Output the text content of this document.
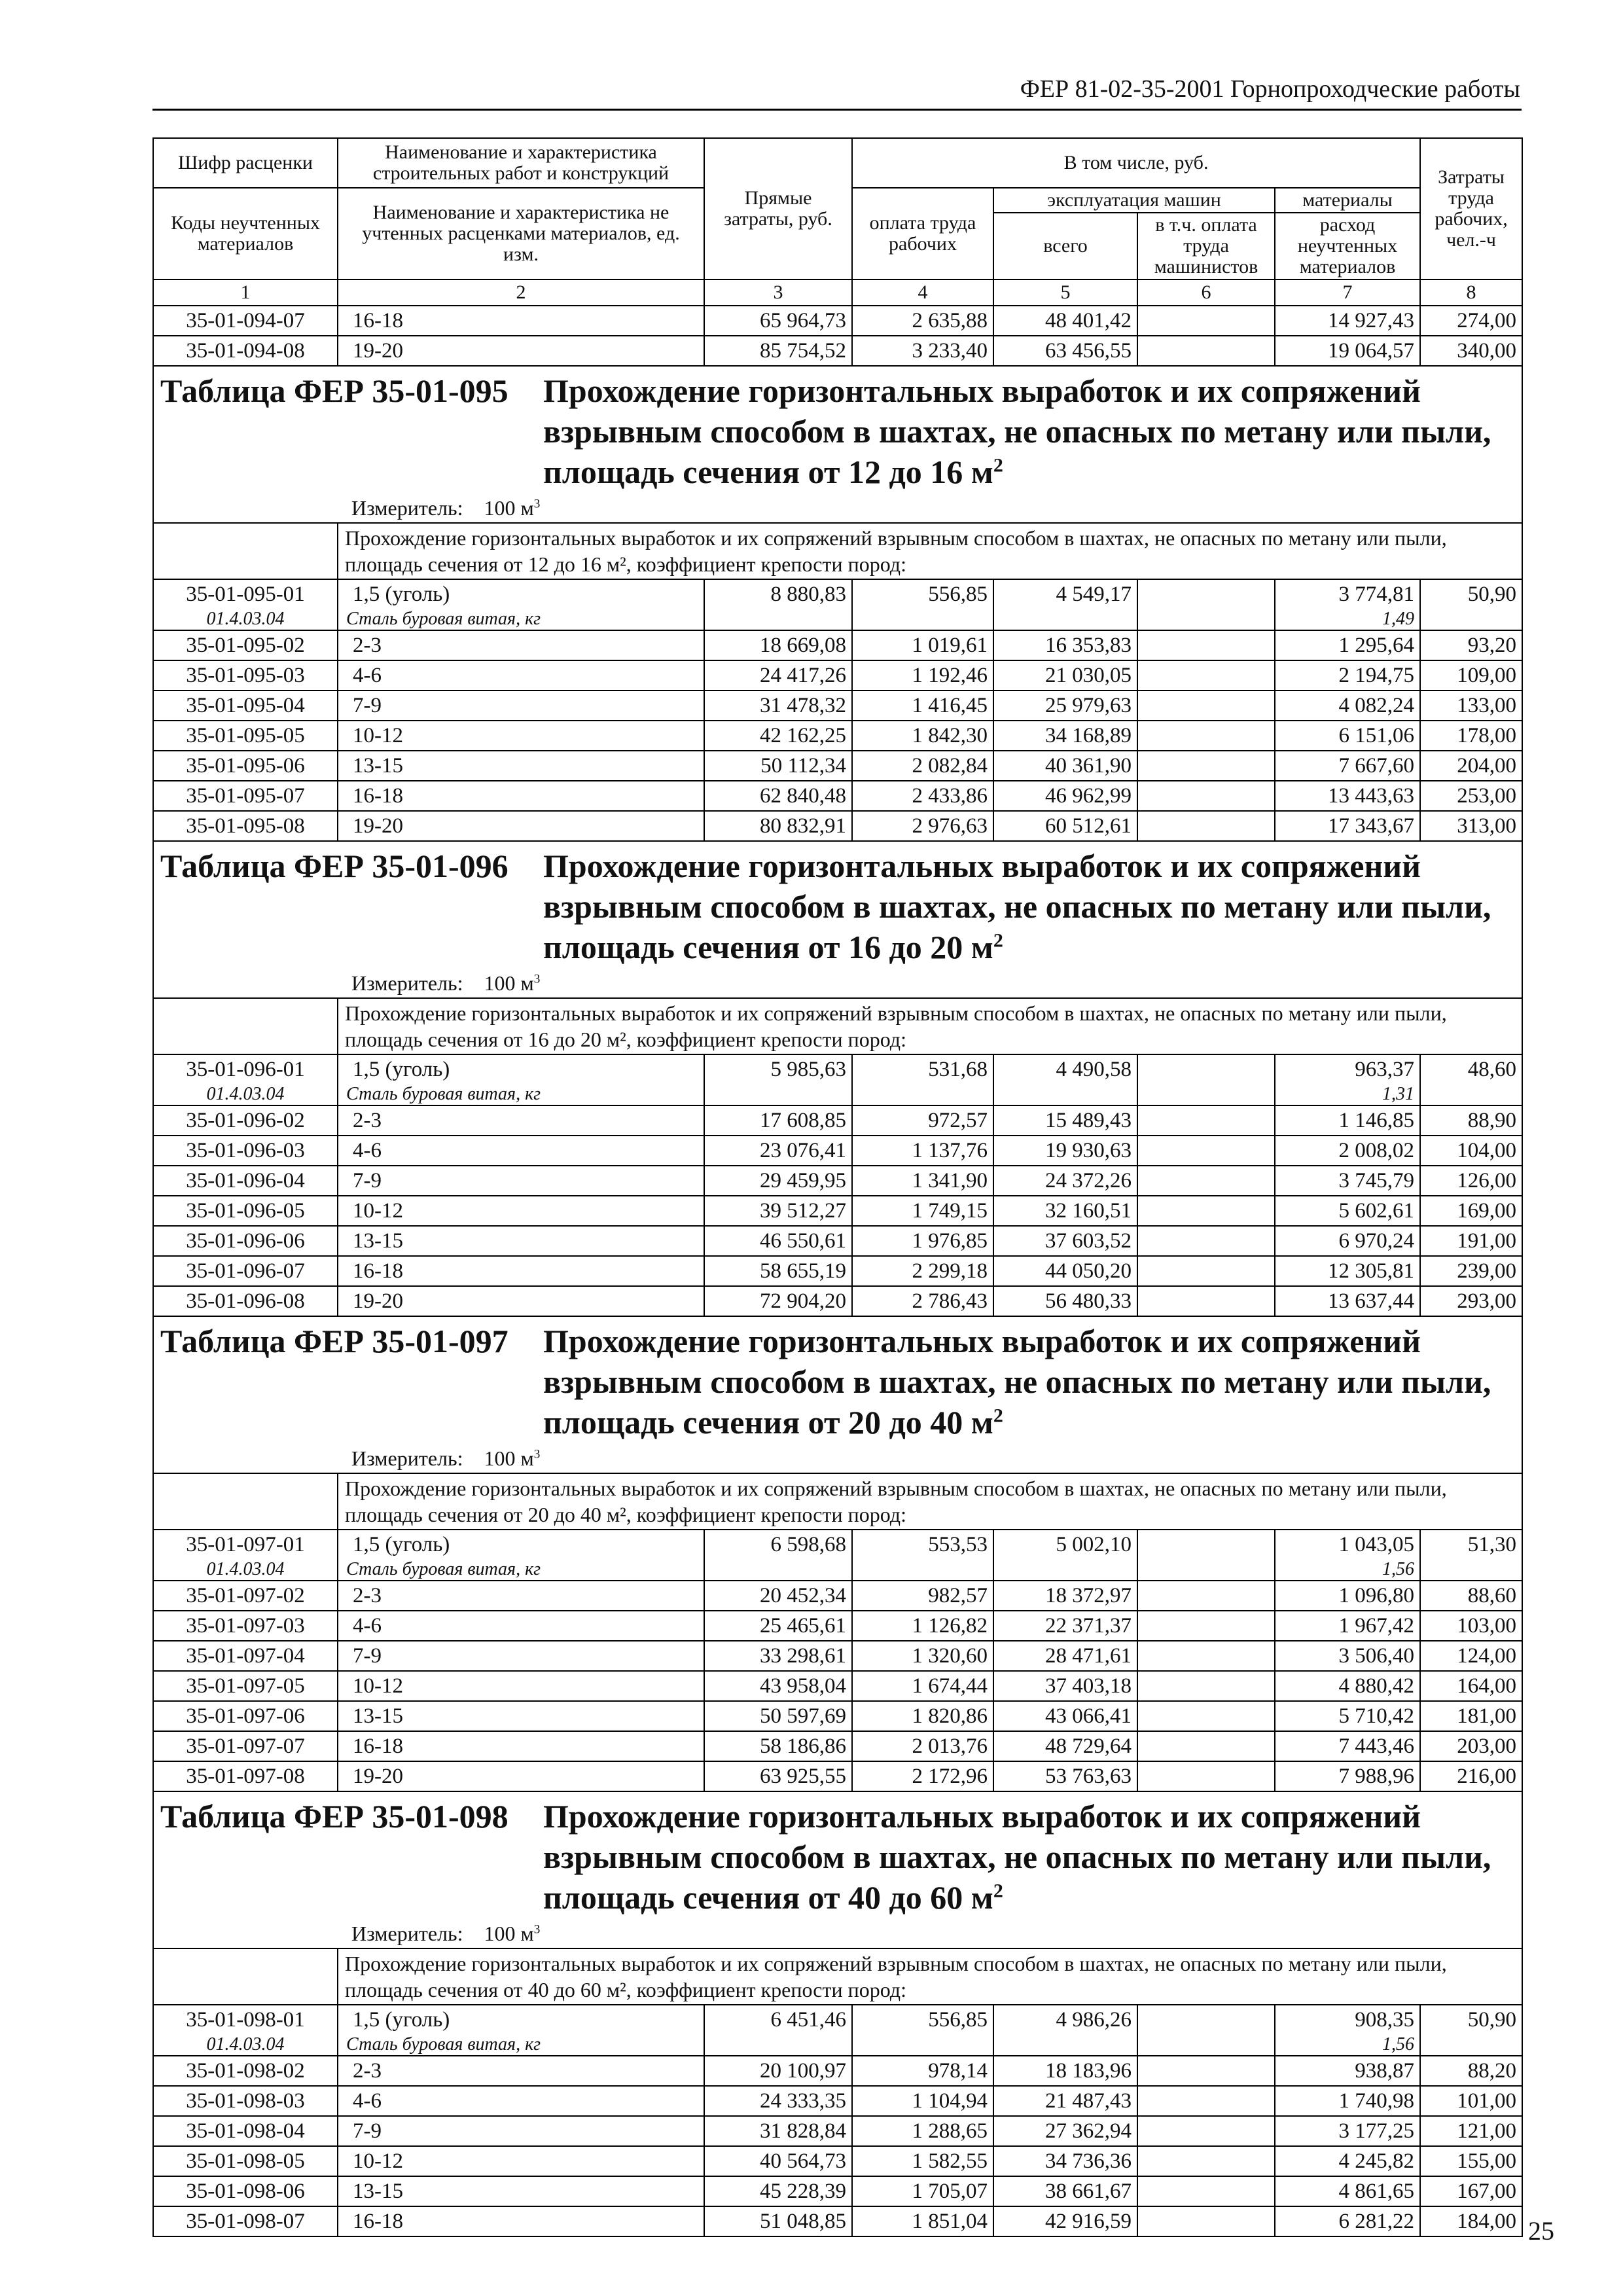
ФЕР 81-02-35-2001 Горнопроходческие работы
Шифр расценки	Наименование и характеристика строительных работ и конструкций	Прямые затраты, руб.	В том числе, руб.				Затраты труда рабочих, чел.-ч
Коды неучтенных материалов	Наименование и характеристика не учтенных расценками материалов, ед. изм.		оплата труда рабочих	эксплуатация машин		материалы	
				всего	в т.ч. оплата труда машинистов	расход неучтенных материалов	
1	2	3	4	5	6	7	8
35-01-094-07	16-18	65 964,73	2 635,88	48 401,42		14 927,43	274,00
35-01-094-08	19-20	85 754,52	3 233,40	63 456,55		19 064,57	340,00
Таблица ФЕР 35-01-095 Прохождение горизонтальных выработок и их сопряжений взрывным способом в шахтах, не опасных по метану или пыли, площадь сечения от 12 до 16 $м^2$
Измеритель: 100 $м^3$
	Прохождение горизонтальных выработок и их сопряжений взрывным способом в шахтах, не опасных по метану или пыли, площадь сечения от 12 до 16 м², коэффициент крепости пород:						
35-01-095-01	1,5 (уголь)	8 880,83	556,85	4 549,17		3 774,81	50,90
01.4.03.04	Сталь буровая витая, кг					1,49	
35-01-095-02	2-3	18 669,08	1 019,61	16 353,83		1 295,64	93,20
35-01-095-03	4-6	24 417,26	1 192,46	21 030,05		2 194,75	109,00
35-01-095-04	7-9	31 478,32	1 416,45	25 979,63		4 082,24	133,00
35-01-095-05	10-12	42 162,25	1 842,30	34 168,89		6 151,06	178,00
35-01-095-06	13-15	50 112,34	2 082,84	40 361,90		7 667,60	204,00
35-01-095-07	16-18	62 840,48	2 433,86	46 962,99		13 443,63	253,00
35-01-095-08	19-20	80 832,91	2 976,63	60 512,61		17 343,67	313,00
Таблица ФЕР 35-01-096 Прохождение горизонтальных выработок и их сопряжений взрывным способом в шахтах, не опасных по метану или пыли, площадь сечения от 16 до 20 $м^2$
Измеритель: 100 $м^3$
	Прохождение горизонтальных выработок и их сопряжений взрывным способом в шахтах, не опасных по метану или пыли, площадь сечения от 16 до 20 м², коэффициент крепости пород:						
35-01-096-01	1,5 (уголь)	5 985,63	531,68	4 490,58		963,37	48,60
01.4.03.04	Сталь буровая витая, кг					1,31	
35-01-096-02	2-3	17 608,85	972,57	15 489,43		1 146,85	88,90
35-01-096-03	4-6	23 076,41	1 137,76	19 930,63		2 008,02	104,00
35-01-096-04	7-9	29 459,95	1 341,90	24 372,26		3 745,79	126,00
35-01-096-05	10-12	39 512,27	1 749,15	32 160,51		5 602,61	169,00
35-01-096-06	13-15	46 550,61	1 976,85	37 603,52		6 970,24	191,00
35-01-096-07	16-18	58 655,19	2 299,18	44 050,20		12 305,81	239,00
35-01-096-08	19-20	72 904,20	2 786,43	56 480,33		13 637,44	293,00
Таблица ФЕР 35-01-097 Прохождение горизонтальных выработок и их сопряжений взрывным способом в шахтах, не опасных по метану или пыли, площадь сечения от 20 до 40 $м^2$
Измеритель: 100 $м^3$
	Прохождение горизонтальных выработок и их сопряжений взрывным способом в шахтах, не опасных по метану или пыли, площадь сечения от 20 до 40 м², коэффициент крепости пород:						
35-01-097-01	1,5 (уголь)	6 598,68	553,53	5 002,10		1 043,05	51,30
01.4.03.04	Сталь буровая витая, кг					1,56	
35-01-097-02	2-3	20 452,34	982,57	18 372,97		1 096,80	88,60
35-01-097-03	4-6	25 465,61	1 126,82	22 371,37		1 967,42	103,00
35-01-097-04	7-9	33 298,61	1 320,60	28 471,61		3 506,40	124,00
35-01-097-05	10-12	43 958,04	1 674,44	37 403,18		4 880,42	164,00
35-01-097-06	13-15	50 597,69	1 820,86	43 066,41		5 710,42	181,00
35-01-097-07	16-18	58 186,86	2 013,76	48 729,64		7 443,46	203,00
35-01-097-08	19-20	63 925,55	2 172,96	53 763,63		7 988,96	216,00
Таблица ФЕР 35-01-098 Прохождение горизонтальных выработок и их сопряжений взрывным способом в шахтах, не опасных по метану или пыли, площадь сечения от 40 до 60 $м^2$
Измеритель: 100 $м^3$
	Прохождение горизонтальных выработок и их сопряжений взрывным способом в шахтах, не опасных по метану или пыли, площадь сечения от 40 до 60 м², коэффициент крепости пород:						
35-01-098-01	1,5 (уголь)	6 451,46	556,85	4 986,26		908,35	50,90
01.4.03.04	Сталь буровая витая, кг					1,56	
35-01-098-02	2-3	20 100,97	978,14	18 183,96		938,87	88,20
35-01-098-03	4-6	24 333,35	1 104,94	21 487,43		1 740,98	101,00
35-01-098-04	7-9	31 828,84	1 288,65	27 362,94		3 177,25	121,00
35-01-098-05	10-12	40 564,73	1 582,55	34 736,36		4 245,82	155,00
35-01-098-06	13-15	45 228,39	1 705,07	38 661,67		4 861,65	167,00
35-01-098-07	16-18	51 048,85	1 851,04	42 916,59		6 281,22	184,00 25
